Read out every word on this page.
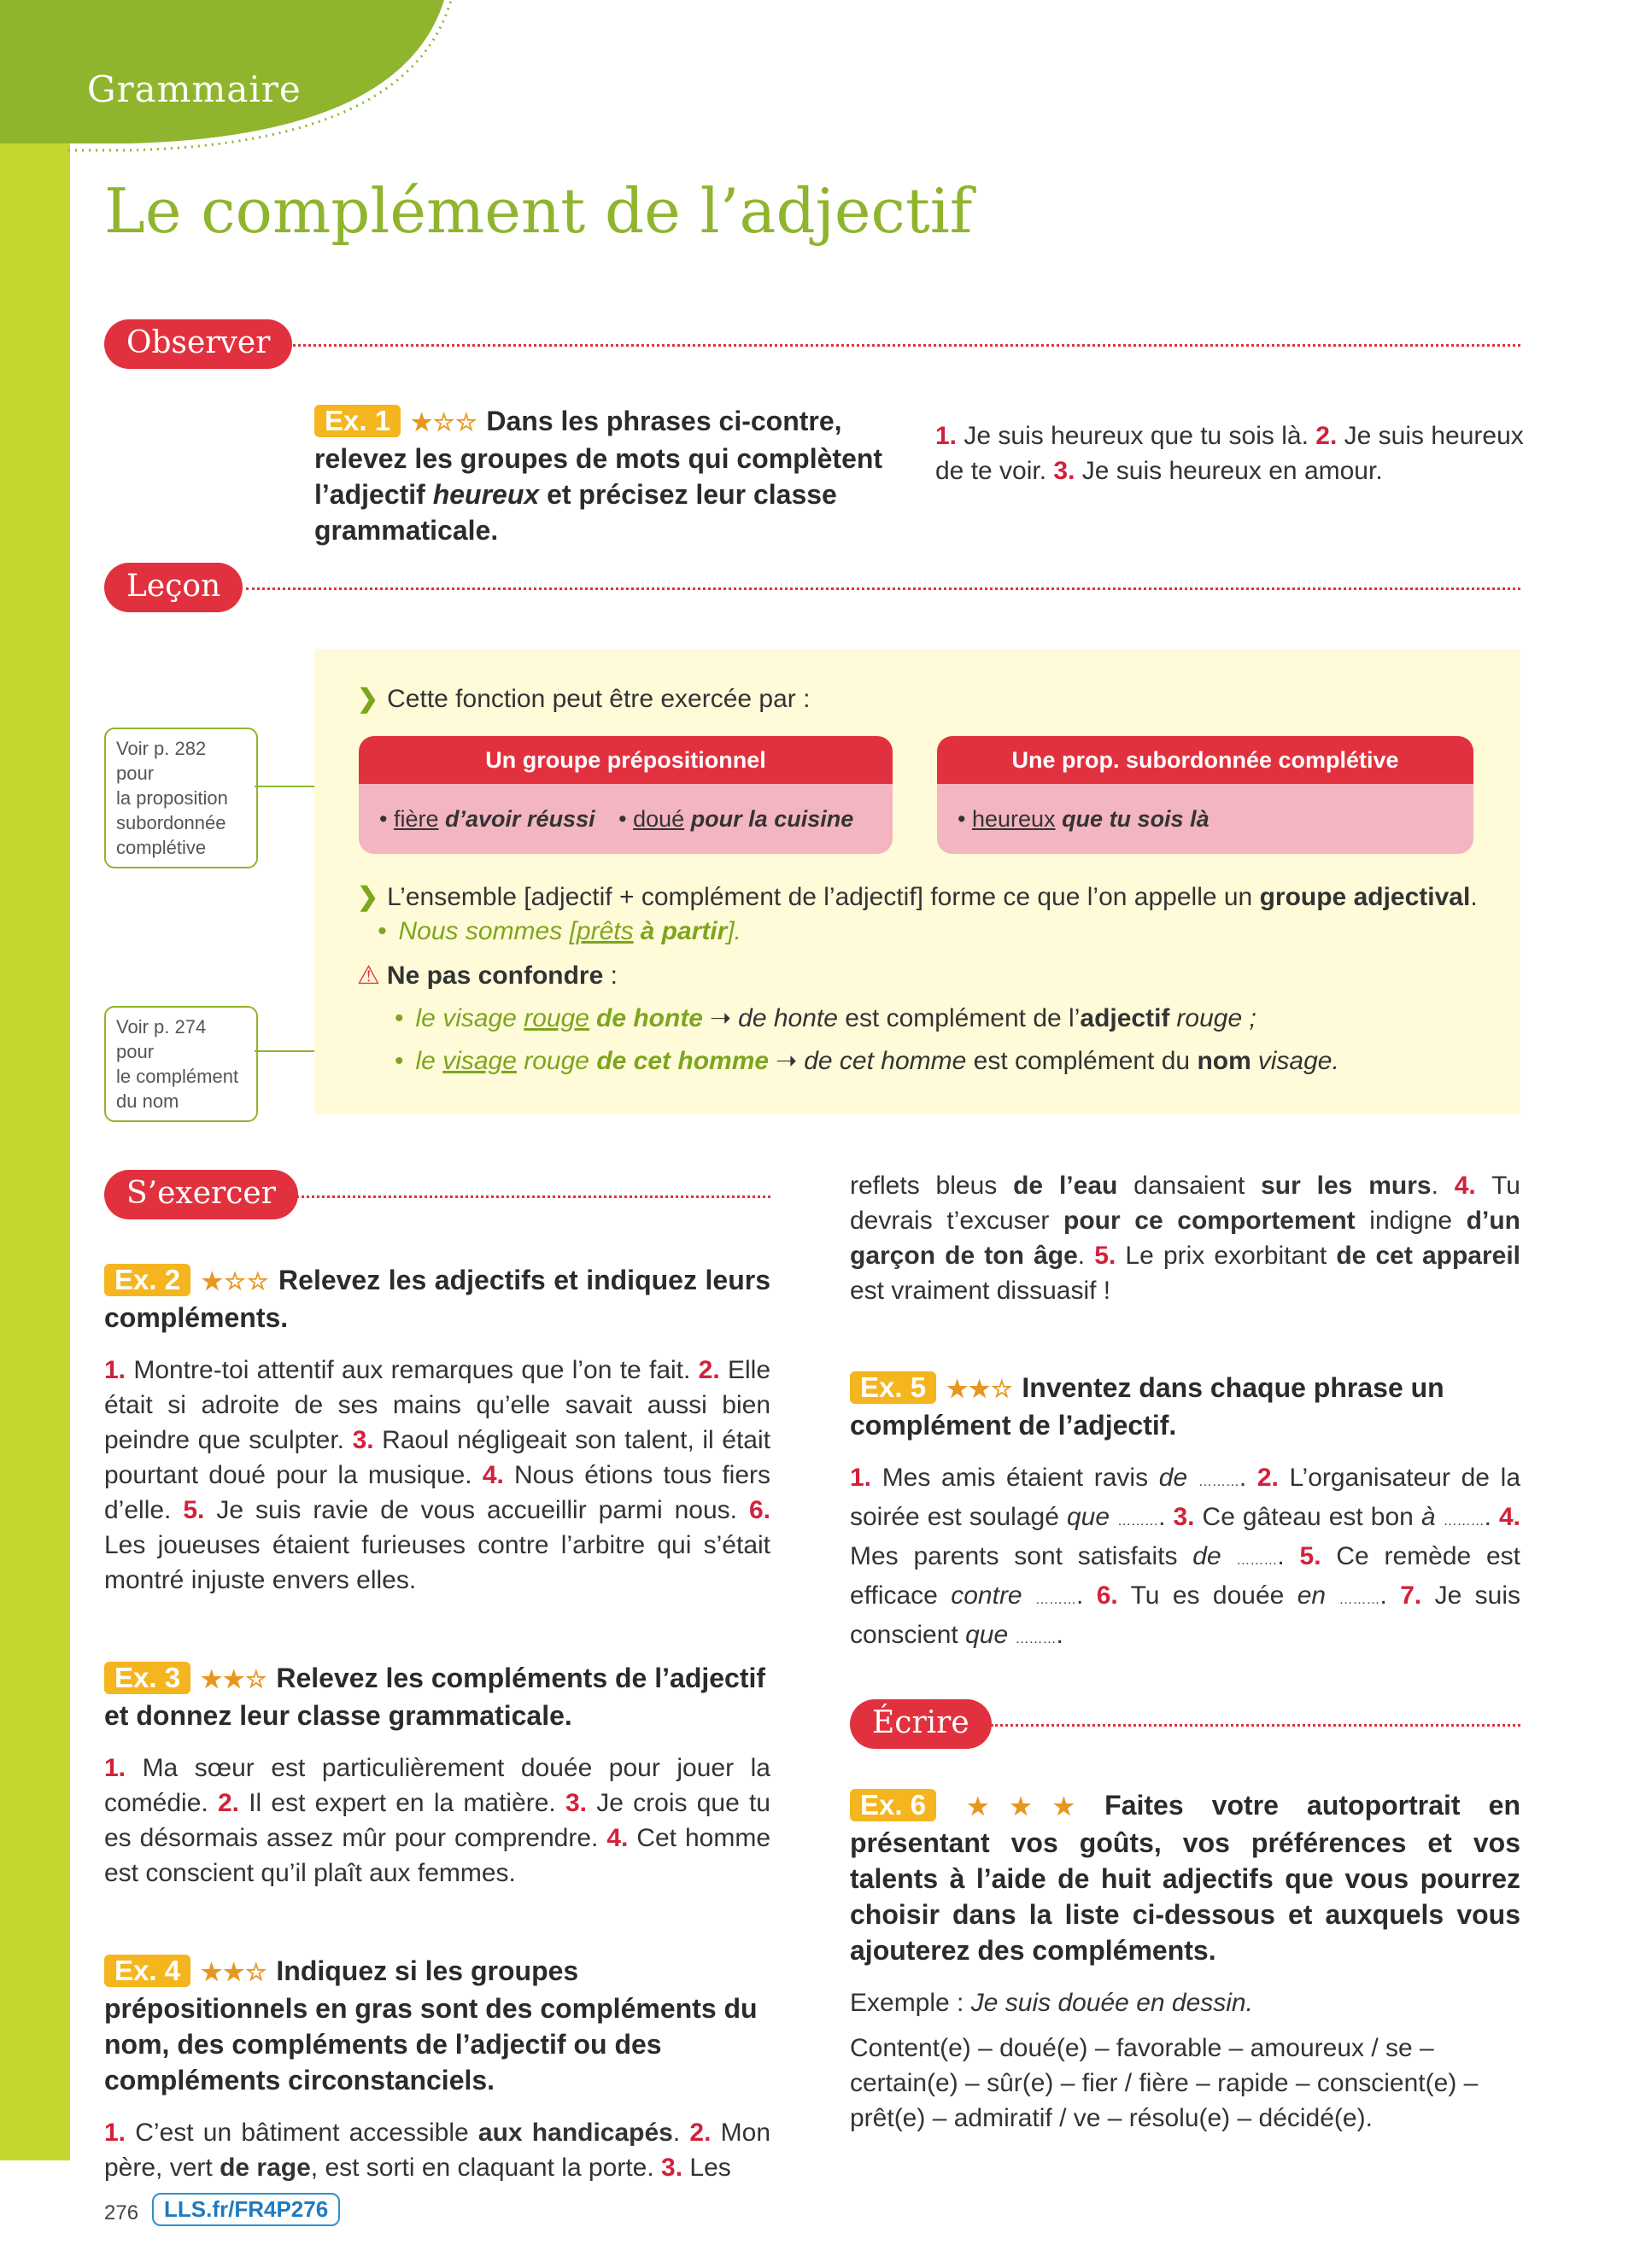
Grammaire
Le complément de l’adjectif
Observer
Ex. 1 ★☆☆ Dans les phrases ci-contre, relevez les groupes de mots qui complètent l’adjectif heureux et précisez leur classe grammaticale.
1. Je suis heureux que tu sois là. 2. Je suis heureux de te voir. 3. Je suis heureux en amour.
Leçon
Voir p. 282 pour
la proposition
subordonnée
complétive
Voir p. 274 pour
le complément
du nom
❯ Cette fonction peut être exercée par :
Un groupe prépositionnel
• fière d’avoir réussi • doué pour la cuisine
Une prop. subordonnée complétive
• heureux que tu sois là
❯ L’ensemble [adjectif + complément de l’adjectif] forme ce que l’on appelle un groupe adjectival.
• Nous sommes [prêts à partir].
⚠ Ne pas confondre :
• le visage rouge de honte ➝ de honte est complément de l’adjectif rouge ;
• le visage rouge de cet homme ➝ de cet homme est complément du nom visage.
S’exercer
Ex. 2 ★☆☆ Relevez les adjectifs et indiquez leurs compléments.
1. Montre-toi attentif aux remarques que l’on te fait. 2. Elle était si adroite de ses mains qu’elle savait aussi bien peindre que sculpter. 3. Raoul négligeait son talent, il était pourtant doué pour la musique. 4. Nous étions tous fiers d’elle. 5. Je suis ravie de vous accueillir parmi nous. 6. Les joueuses étaient furieuses contre l’arbitre qui s’était montré injuste envers elles.
Ex. 3 ★★☆ Relevez les compléments de l’adjectif et donnez leur classe grammaticale.
1. Ma sœur est particulièrement douée pour jouer la comédie. 2. Il est expert en la matière. 3. Je crois que tu es désormais assez mûr pour comprendre. 4. Cet homme est conscient qu’il plaît aux femmes.
Ex. 4 ★★☆ Indiquez si les groupes prépositionnels en gras sont des compléments du nom, des compléments de l’adjectif ou des compléments circonstanciels.
1. C’est un bâtiment accessible aux handicapés. 2. Mon père, vert de rage, est sorti en claquant la porte. 3. Les
reflets bleus de l’eau dansaient sur les murs. 4. Tu devrais t’excuser pour ce comportement indigne d’un garçon de ton âge. 5. Le prix exorbitant de cet appareil est vraiment dissuasif !
Ex. 5 ★★☆ Inventez dans chaque phrase un complément de l’adjectif.
1. Mes amis étaient ravis de ………. 2. L’organisateur de la soirée est soulagé que ………. 3. Ce gâteau est bon à ………. 4. Mes parents sont satisfaits de ………. 5. Ce remède est efficace contre ………. 6. Tu es douée en ………. 7. Je suis conscient que ……….
Écrire
Ex. 6 ★★★ Faites votre autoportrait en présentant vos goûts, vos préférences et vos talents à l’aide de huit adjectifs que vous pourrez choisir dans la liste ci-dessous et auxquels vous ajouterez des compléments.
Exemple : Je suis douée en dessin.
Content(e) – doué(e) – favorable – amoureux / se – certain(e) – sûr(e) – fier / fière – rapide – conscient(e) – prêt(e) – admiratif / ve – résolu(e) – décidé(e).
276	LLS.fr/FR4P276
